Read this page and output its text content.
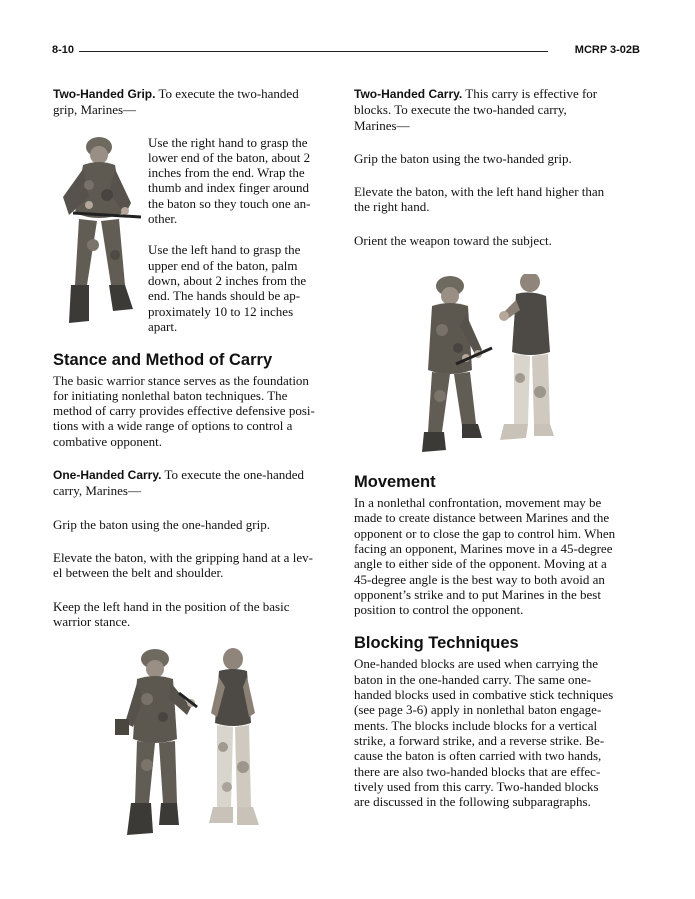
8-10	MCRP 3-02B

Two-Handed Grip. To execute the two-handed
grip, Marines—

Use the right hand to grasp the
lower end of the baton, about 2
inches from the end. Wrap the
thumb and index finger around
the baton so they touch one an-
other.

Use the left hand to grasp the
upper end of the baton, palm
down, about 2 inches from the
end. The hands should be ap-
proximately 10 to 12 inches
apart.

Stance and Method of Carry

The basic warrior stance serves as the foundation
for initiating nonlethal baton techniques. The
method of carry provides effective defensive posi-
tions with a wide range of options to control a
combative opponent.

One-Handed Carry. To execute the one-handed
carry, Marines—

Grip the baton using the one-handed grip.

Elevate the baton, with the gripping hand at a lev-
el between the belt and shoulder.

Keep the left hand in the position of the basic
warrior stance.

Two-Handed Carry. This carry is effective for
blocks. To execute the two-handed carry,
Marines—

Grip the baton using the two-handed grip.

Elevate the baton, with the left hand higher than
the right hand.

Orient the weapon toward the subject.

Movement

In a nonlethal confrontation, movement may be
made to create distance between Marines and the
opponent or to close the gap to control him. When
facing an opponent, Marines move in a 45-degree
angle to either side of the opponent. Moving at a
45-degree angle is the best way to both avoid an
opponent’s strike and to put Marines in the best
position to control the opponent.

Blocking Techniques

One-handed blocks are used when carrying the
baton in the one-handed carry. The same one-
handed blocks used in combative stick techniques
(see page 3-6) apply in nonlethal baton engage-
ments. The blocks include blocks for a vertical
strike, a forward strike, and a reverse strike. Be-
cause the baton is often carried with two hands,
there are also two-handed blocks that are effec-
tively used from this carry. Two-handed blocks
are discussed in the following subparagraphs.
